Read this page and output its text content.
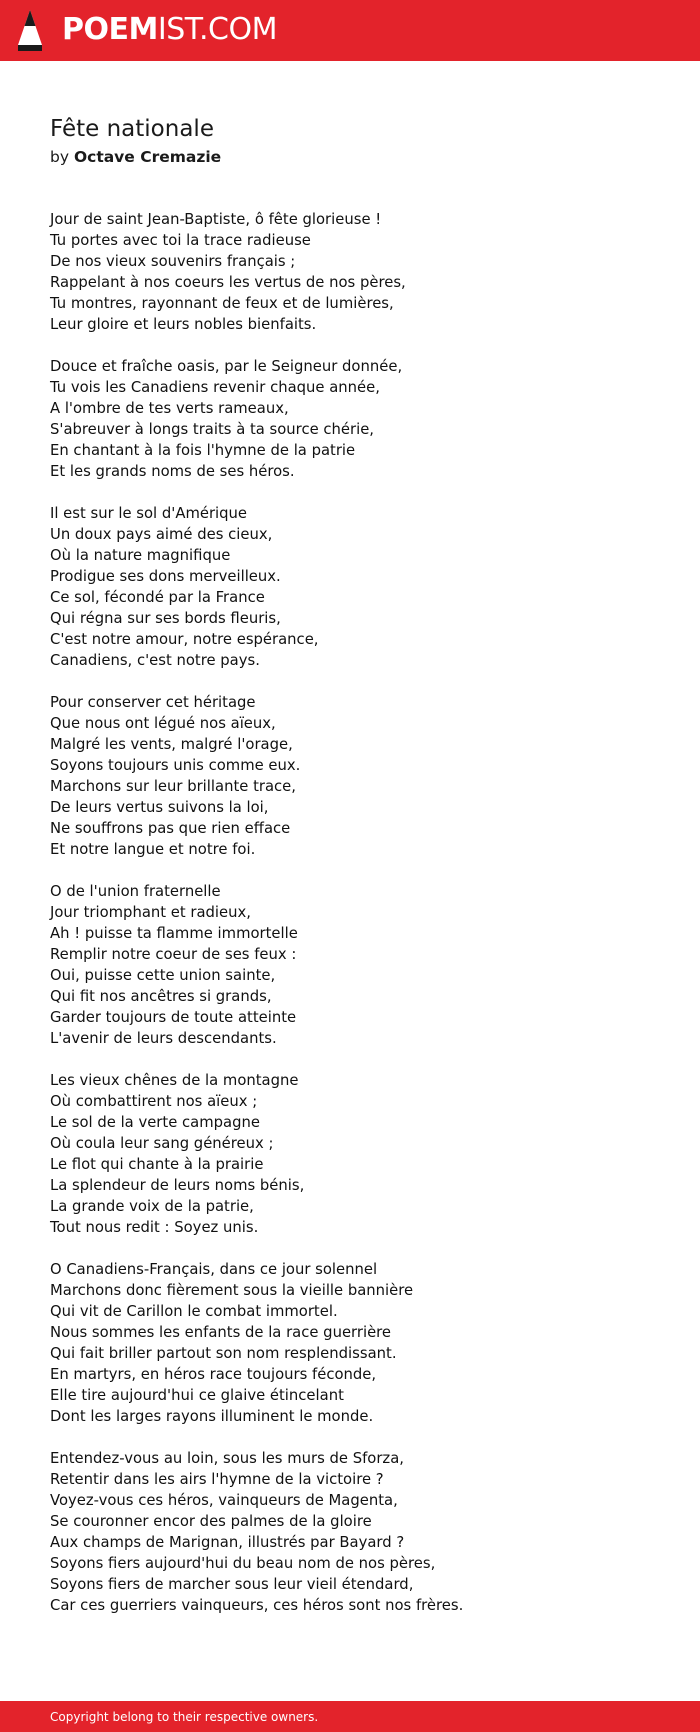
POEMIST.COM
Fête nationale
by Octave Cremazie
Jour de saint Jean-Baptiste, ô fête glorieuse !
Tu portes avec toi la trace radieuse
De nos vieux souvenirs français ;
Rappelant à nos coeurs les vertus de nos pères,
Tu montres, rayonnant de feux et de lumières,
Leur gloire et leurs nobles bienfaits.
Douce et fraîche oasis, par le Seigneur donnée,
Tu vois les Canadiens revenir chaque année,
A l'ombre de tes verts rameaux,
S'abreuver à longs traits à ta source chérie,
En chantant à la fois l'hymne de la patrie
Et les grands noms de ses héros.
Il est sur le sol d'Amérique
Un doux pays aimé des cieux,
Où la nature magnifique
Prodigue ses dons merveilleux.
Ce sol, fécondé par la France
Qui régna sur ses bords fleuris,
C'est notre amour, notre espérance,
Canadiens, c'est notre pays.
Pour conserver cet héritage
Que nous ont légué nos aïeux,
Malgré les vents, malgré l'orage,
Soyons toujours unis comme eux.
Marchons sur leur brillante trace,
De leurs vertus suivons la loi,
Ne souffrons pas que rien efface
Et notre langue et notre foi.
O de l'union fraternelle
Jour triomphant et radieux,
Ah ! puisse ta flamme immortelle
Remplir notre coeur de ses feux :
Oui, puisse cette union sainte,
Qui fit nos ancêtres si grands,
Garder toujours de toute atteinte
L'avenir de leurs descendants.
Les vieux chênes de la montagne
Où combattirent nos aïeux ;
Le sol de la verte campagne
Où coula leur sang généreux ;
Le flot qui chante à la prairie
La splendeur de leurs noms bénis,
La grande voix de la patrie,
Tout nous redit : Soyez unis.
O Canadiens-Français, dans ce jour solennel
Marchons donc fièrement sous la vieille bannière
Qui vit de Carillon le combat immortel.
Nous sommes les enfants de la race guerrière
Qui fait briller partout son nom resplendissant.
En martyrs, en héros race toujours féconde,
Elle tire aujourd'hui ce glaive étincelant
Dont les larges rayons illuminent le monde.
Entendez-vous au loin, sous les murs de Sforza,
Retentir dans les airs l'hymne de la victoire ?
Voyez-vous ces héros, vainqueurs de Magenta,
Se couronner encor des palmes de la gloire
Aux champs de Marignan, illustrés par Bayard ?
Soyons fiers aujourd'hui du beau nom de nos pères,
Soyons fiers de marcher sous leur vieil étendard,
Car ces guerriers vainqueurs, ces héros sont nos frères.
Copyright belong to their respective owners.
